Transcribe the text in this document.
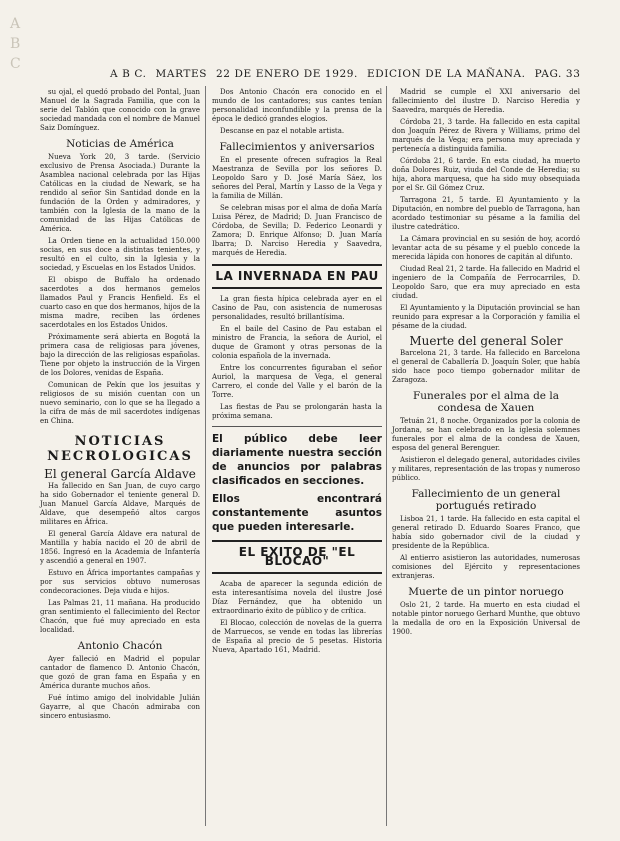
A
B
C
A B C. MARTES 22 DE ENERO DE 1929. EDICION DE LA MAÑANA. PAG. 33

su ojal, el quedó probado del Pontal, Juan Manuel de la Sagrada Familia, que con la serie del Tablón que conocido con la grave sociedad mandada con el nombre de Manuel Saiz Domínguez.

Noticias de América

Nueva York 20, 3 tarde. (Servicio exclusivo de Prensa Asociada.) Durante la Asamblea nacional celebrada por las Hijas Católicas en la ciudad de Newark, se ha rendido al señor Sin Santidad donde en la fundación de la Orden y admiradores, y también con la Iglesia de la mano de la comunidad de las Hijas Católicas de América.

La Orden tiene en la actualidad 150.000 socias, en sus doce a distintas tenientes, y resultó en el culto, sin la Iglesia y la sociedad, y Escuelas en los Estados Unidos.

El obispo de Buffalo ha ordenado sacerdotes a dos hermanos gemelos llamados Paul y Francis Henfield. Es el cuarto caso en que dos hermanos, hijos de la misma madre, reciben las órdenes sacerdotales en los Estados Unidos.

Próximamente será abierta en Bogotá la primera casa de religiosas para jóvenes, bajo la dirección de las religiosas españolas. Tiene por objeto la instrucción de la Virgen de los Dolores, venidas de España.

Comunican de Pekín que los jesuitas y religiosos de su misión cuentan con un nuevo seminario, con lo que se ha llegado a la cifra de más de mil sacerdotes indígenas en China.

NOTICIAS NECROLOGICAS
El general García Aldave

Ha fallecido en San Juan, de cuyo cargo ha sido Gobernador el teniente general D. Juan Manuel García Aldave, Marqués de Aldave, que desempeñó altos cargos militares en África.

El general García Aldave era natural de Mantilla y había nacido el 20 de abril de 1856. Ingresó en la Academia de Infantería y ascendió a general en 1907.

Estuvo en África importantes campañas y por sus servicios obtuvo numerosas condecoraciones. Deja viuda e hijos.

Las Palmas 21, 11 mañana. Ha producido gran sentimiento el fallecimiento del Rector Chacón, que fué muy apreciado en esta localidad.

Antonio Chacón

Ayer falleció en Madrid el popular cantador de flamenco D. Antonio Chacón, que gozó de gran fama en España y en América durante muchos años.

Fué íntimo amigo del inolvidable Julián Gayarre, al que Chacón admiraba con sincero entusiasmo.

Dos Antonio Chacón era conocido en el mundo de los cantadores; sus cantes tenían personalidad inconfundible y la prensa de la época le dedicó grandes elogios.

Descanse en paz el notable artista.

Fallecimientos y aniversarios

En el presente ofrecen sufragios la Real Maestranza de Sevilla por los señores D. Leopoldo Saro y D. José María Sáez, los señores del Peral, Martín y Lasso de la Vega y la familia de Millán.

Se celebran misas por el alma de doña María Luisa Pérez, de Madrid; D. Juan Francisco de Córdoba, de Sevilla; D. Federico Leonardi y Zamora; D. Enrique Alfonso; D. Juan María Ibarra; D. Narciso Heredia y Saavedra, marqués de Heredia.

LA INVERNADA EN PAU

La gran fiesta hípica celebrada ayer en el Casino de Pau, con asistencia de numerosas personalidades, resultó brillantísima.

En el baile del Casino de Pau estaban el ministro de Francia, la señora de Auriol, el duque de Gramont y otras personas de la colonia española de la invernada.

Entre los concurrentes figuraban el señor Auriol, la marquesa de Vega, el general Carrero, el conde del Valle y el barón de la Torre.

Las fiestas de Pau se prolongarán hasta la próxima semana.

El público debe leer diariamente nuestra sección de anuncios por palabras clasificados en secciones.
Ellos encontrará constantemente asuntos que pueden interesarle.
EL EXITO DE "EL BLOCAO"

Acaba de aparecer la segunda edición de esta interesantísima novela del ilustre José Díaz Fernández, que ha obtenido un extraordinario éxito de público y de crítica.

El Blocao, colección de novelas de la guerra de Marruecos, se vende en todas las librerías de España al precio de 5 pesetas. Historia Nueva, Apartado 161, Madrid.

Madrid se cumple el XXI aniversario del fallecimiento del ilustre D. Narciso Heredia y Saavedra, marqués de Heredia.

Córdoba 21, 3 tarde. Ha fallecido en esta capital don Joaquín Pérez de Rivera y Williams, primo del marqués de la Vega; era persona muy apreciada y pertenecía a distinguida familia.

Córdoba 21, 6 tarde. En esta ciudad, ha muerto doña Dolores Ruiz, viuda del Conde de Heredia; su hija, ahora marquesa, que ha sido muy obsequiada por el Sr. Gil Gómez Cruz.

Tarragona 21, 5 tarde. El Ayuntamiento y la Diputación, en nombre del pueblo de Tarragona, han acordado testimoniar su pésame a la familia del ilustre catedrático.

La Cámara provincial en su sesión de hoy, acordó levantar acta de su pésame y el pueblo concede la merecida lápida con honores de capitán al difunto.

Ciudad Real 21, 2 tarde. Ha fallecido en Madrid el ingeniero de la Compañía de Ferrocarriles, D. Leopoldo Saro, que era muy apreciado en esta ciudad.

El Ayuntamiento y la Diputación provincial se han reunido para expresar a la Corporación y familia el pésame de la ciudad.

Muerte del general Soler

Barcelona 21, 3 tarde. Ha fallecido en Barcelona el general de Caballería D. Joaquín Soler, que había sido hace poco tiempo gobernador militar de Zaragoza.

Funerales por el alma de la condesa de Xauen

Tetuán 21, 8 noche. Organizados por la colonia de Jordana, se han celebrado en la iglesia solemnes funerales por el alma de la condesa de Xauen, esposa del general Berenguer.

Asistieron el delegado general, autoridades civiles y militares, representación de las tropas y numeroso público.

Fallecimiento de un general portugués retirado

Lisboa 21, 1 tarde. Ha fallecido en esta capital el general retirado D. Eduardo Soares Franco, que había sido gobernador civil de la ciudad y presidente de la República.

Al entierro asistieron las autoridades, numerosas comisiones del Ejército y representaciones extranjeras.

Muerte de un pintor noruego

Oslo 21, 2 tarde. Ha muerto en esta ciudad el notable pintor noruego Gerhard Munthe, que obtuvo la medalla de oro en la Exposición Universal de 1900.
